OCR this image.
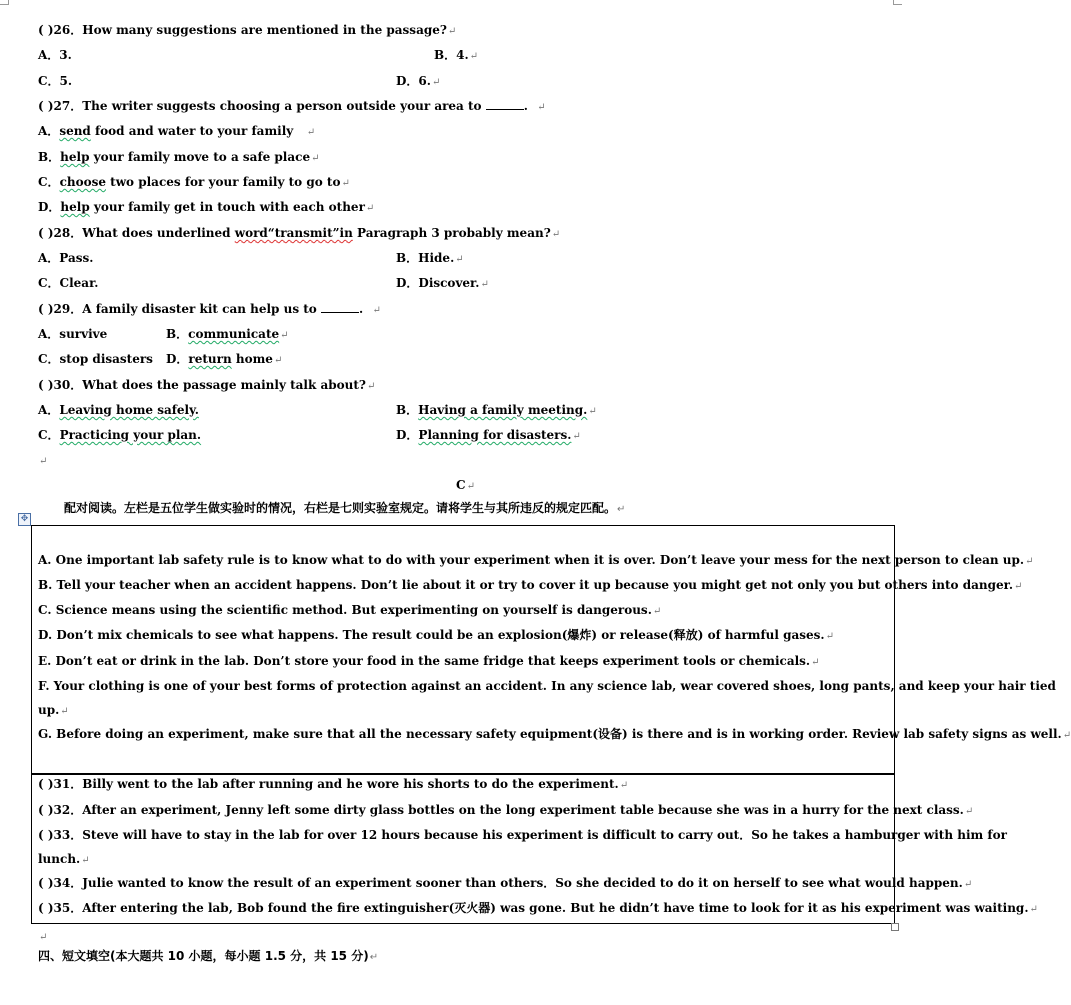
( )26．How many suggestions are mentioned in the passage?↵
A．3.	B．4.↵
C．5.	D．6.↵
( )27．The writer suggests choosing a person outside your area to	. ↵
A．send food and water to your family ↵
B．help your family move to a safe place↵
C．choose two places for your family to go to↵
D．help your family get in touch with each other↵
( )28．What does underlined word“transmit”in Paragraph 3 probably mean?↵
A．Pass.	B．Hide.↵
C．Clear.	D．Discover.↵
( )29．A family disaster kit can help us to	. ↵
A．survive	B．communicate↵
C．stop disasters D．return home↵
( )30．What does the passage mainly talk about?↵
A．Leaving home safely.	B．Having a family meeting.↵
C．Practicing your plan.	D．Planning for disasters.↵
↵
C↵
配对阅读。左栏是五位学生做实验时的情况，右栏是七则实验室规定。请将学生与其所违反的规定匹配。↵
✥
A. One important lab safety rule is to know what to do with your experiment when it is over. Don’t leave your mess for the next person to clean up.↵
B. Tell your teacher when an accident happens. Don’t lie about it or try to cover it up because you might get not only you but others into danger.↵
C. Science means using the scientific method. But experimenting on yourself is dangerous.↵
D. Don’t mix chemicals to see what happens. The result could be an explosion(爆炸) or release(释放) of harmful gases.↵
E. Don’t eat or drink in the lab. Don’t store your food in the same fridge that keeps experiment tools or chemicals.↵
F. Your clothing is one of your best forms of protection against an accident. In any science lab, wear covered shoes, long pants, and keep your hair tied
up.↵
G. Before doing an experiment, make sure that all the necessary safety equipment(设备) is there and is in working order. Review lab safety signs as well.↵
( )31．Billy went to the lab after running and he wore his shorts to do the experiment.↵
( )32．After an experiment, Jenny left some dirty glass bottles on the long experiment table because she was in a hurry for the next class.↵
( )33．Steve will have to stay in the lab for over 12 hours because his experiment is difficult to carry out．So he takes a hamburger with him for
lunch.↵
( )34．Julie wanted to know the result of an experiment sooner than others．So she decided to do it on herself to see what would happen.↵
( )35．After entering the lab, Bob found the fire extinguisher(灭火器) was gone. But he didn’t have time to look for it as his experiment was waiting.↵
↵
四、短文填空(本大题共 10 小题，每小题 1.5 分，共 15 分)↵
